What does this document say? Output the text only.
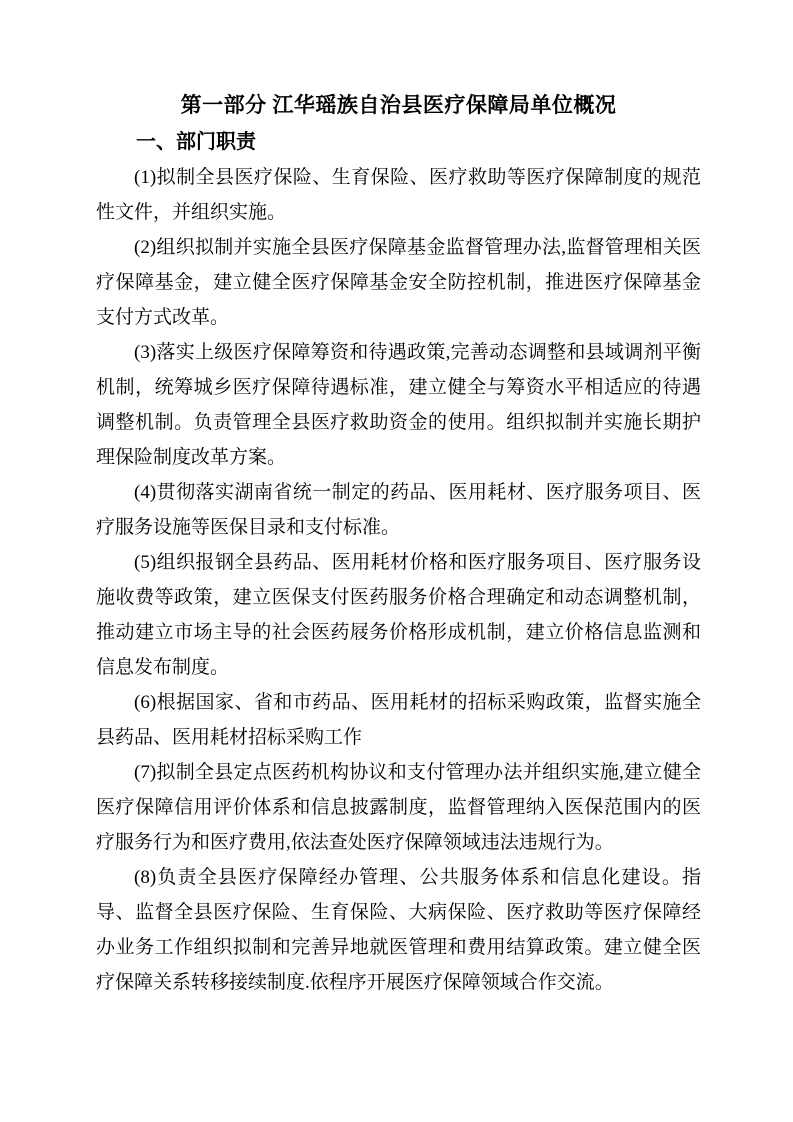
第一部分 江华瑶族自治县医疗保障局单位概况
一、部门职责

(1)拟制全县医疗保险、生育保险、医疗救助等医疗保障制度的规范性文件，并组织实施。

(2)组织拟制并实施全县医疗保障基金监督管理办法,监督管理相关医疗保障基金，建立健全医疗保障基金安全防控机制，推进医疗保障基金支付方式改革。

(3)落实上级医疗保障筹资和待遇政策,完善动态调整和县域调剂平衡机制，统筹城乡医疗保障待遇标准，建立健全与筹资水平相适应的待遇调整机制。负责管理全县医疗救助资金的使用。组织拟制并实施长期护理保险制度改革方案。

(4)贯彻落实湖南省统一制定的药品、医用耗材、医疗服务项目、医疗服务设施等医保目录和支付标准。

(5)组织报钢全县药品、医用耗材价格和医疗服务项目、医疗服务设施收费等政策，建立医保支付医药服务价格合理确定和动态调整机制，推动建立市场主导的社会医药屐务价格形成机制，建立价格信息监测和信息发布制度。

(6)根据国家、省和市药品、医用耗材的招标采购政策，监督实施全县药品、医用耗材招标采购工作

(7)拟制全县定点医药机构协议和支付管理办法并组织实施,建立健全医疗保障信用评价体系和信息披露制度，监督管理纳入医保范围内的医疗服务行为和医疗费用,依法查处医疗保障领域违法违规行为。

(8)负责全县医疗保障经办管理、公共服务体系和信息化建设。指导、监督全县医疗保险、生育保险、大病保险、医疗救助等医疗保障经办业务工作组织拟制和完善异地就医管理和费用结算政策。建立健全医疗保障关系转移接续制度.依程序开展医疗保障领域合作交流。
